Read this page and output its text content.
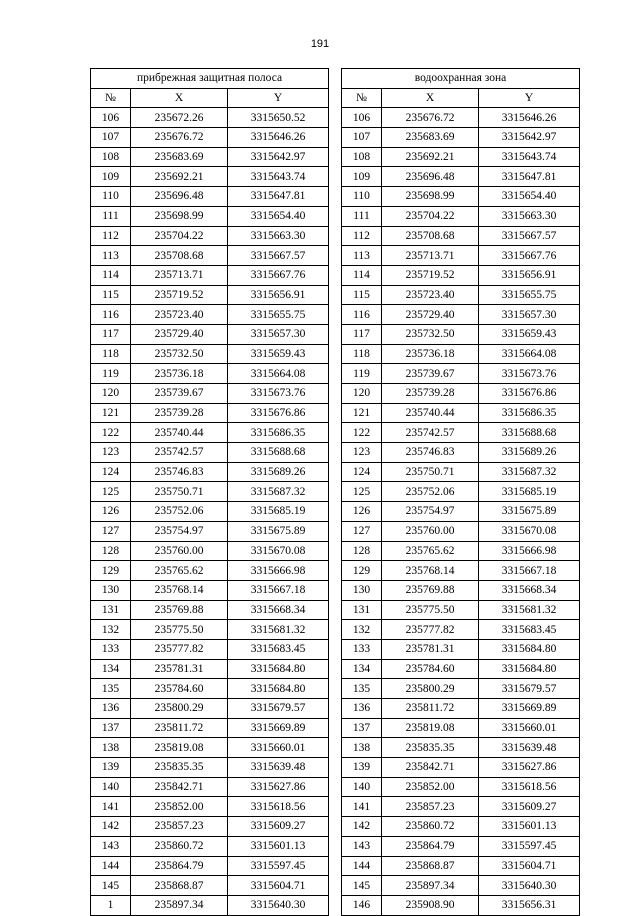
191
прибрежная защитная полоса				водоохранная зона		
№	X	Y		№	X	Y
106	235672.26	3315650.52		106	235676.72	3315646.26
107	235676.72	3315646.26		107	235683.69	3315642.97
108	235683.69	3315642.97		108	235692.21	3315643.74
109	235692.21	3315643.74		109	235696.48	3315647.81
110	235696.48	3315647.81		110	235698.99	3315654.40
111	235698.99	3315654.40		111	235704.22	3315663.30
112	235704.22	3315663.30		112	235708.68	3315667.57
113	235708.68	3315667.57		113	235713.71	3315667.76
114	235713.71	3315667.76		114	235719.52	3315656.91
115	235719.52	3315656.91		115	235723.40	3315655.75
116	235723.40	3315655.75		116	235729.40	3315657.30
117	235729.40	3315657.30		117	235732.50	3315659.43
118	235732.50	3315659.43		118	235736.18	3315664.08
119	235736.18	3315664.08		119	235739.67	3315673.76
120	235739.67	3315673.76		120	235739.28	3315676.86
121	235739.28	3315676.86		121	235740.44	3315686.35
122	235740.44	3315686.35		122	235742.57	3315688.68
123	235742.57	3315688.68		123	235746.83	3315689.26
124	235746.83	3315689.26		124	235750.71	3315687.32
125	235750.71	3315687.32		125	235752.06	3315685.19
126	235752.06	3315685.19		126	235754.97	3315675.89
127	235754.97	3315675.89		127	235760.00	3315670.08
128	235760.00	3315670.08		128	235765.62	3315666.98
129	235765.62	3315666.98		129	235768.14	3315667.18
130	235768.14	3315667.18		130	235769.88	3315668.34
131	235769.88	3315668.34		131	235775.50	3315681.32
132	235775.50	3315681.32		132	235777.82	3315683.45
133	235777.82	3315683.45		133	235781.31	3315684.80
134	235781.31	3315684.80		134	235784.60	3315684.80
135	235784.60	3315684.80		135	235800.29	3315679.57
136	235800.29	3315679.57		136	235811.72	3315669.89
137	235811.72	3315669.89		137	235819.08	3315660.01
138	235819.08	3315660.01		138	235835.35	3315639.48
139	235835.35	3315639.48		139	235842.71	3315627.86
140	235842.71	3315627.86		140	235852.00	3315618.56
141	235852.00	3315618.56		141	235857.23	3315609.27
142	235857.23	3315609.27		142	235860.72	3315601.13
143	235860.72	3315601.13		143	235864.79	3315597.45
144	235864.79	3315597.45		144	235868.87	3315604.71
145	235868.87	3315604.71		145	235897.34	3315640.30
1	235897.34	3315640.30		146	235908.90	3315656.31
